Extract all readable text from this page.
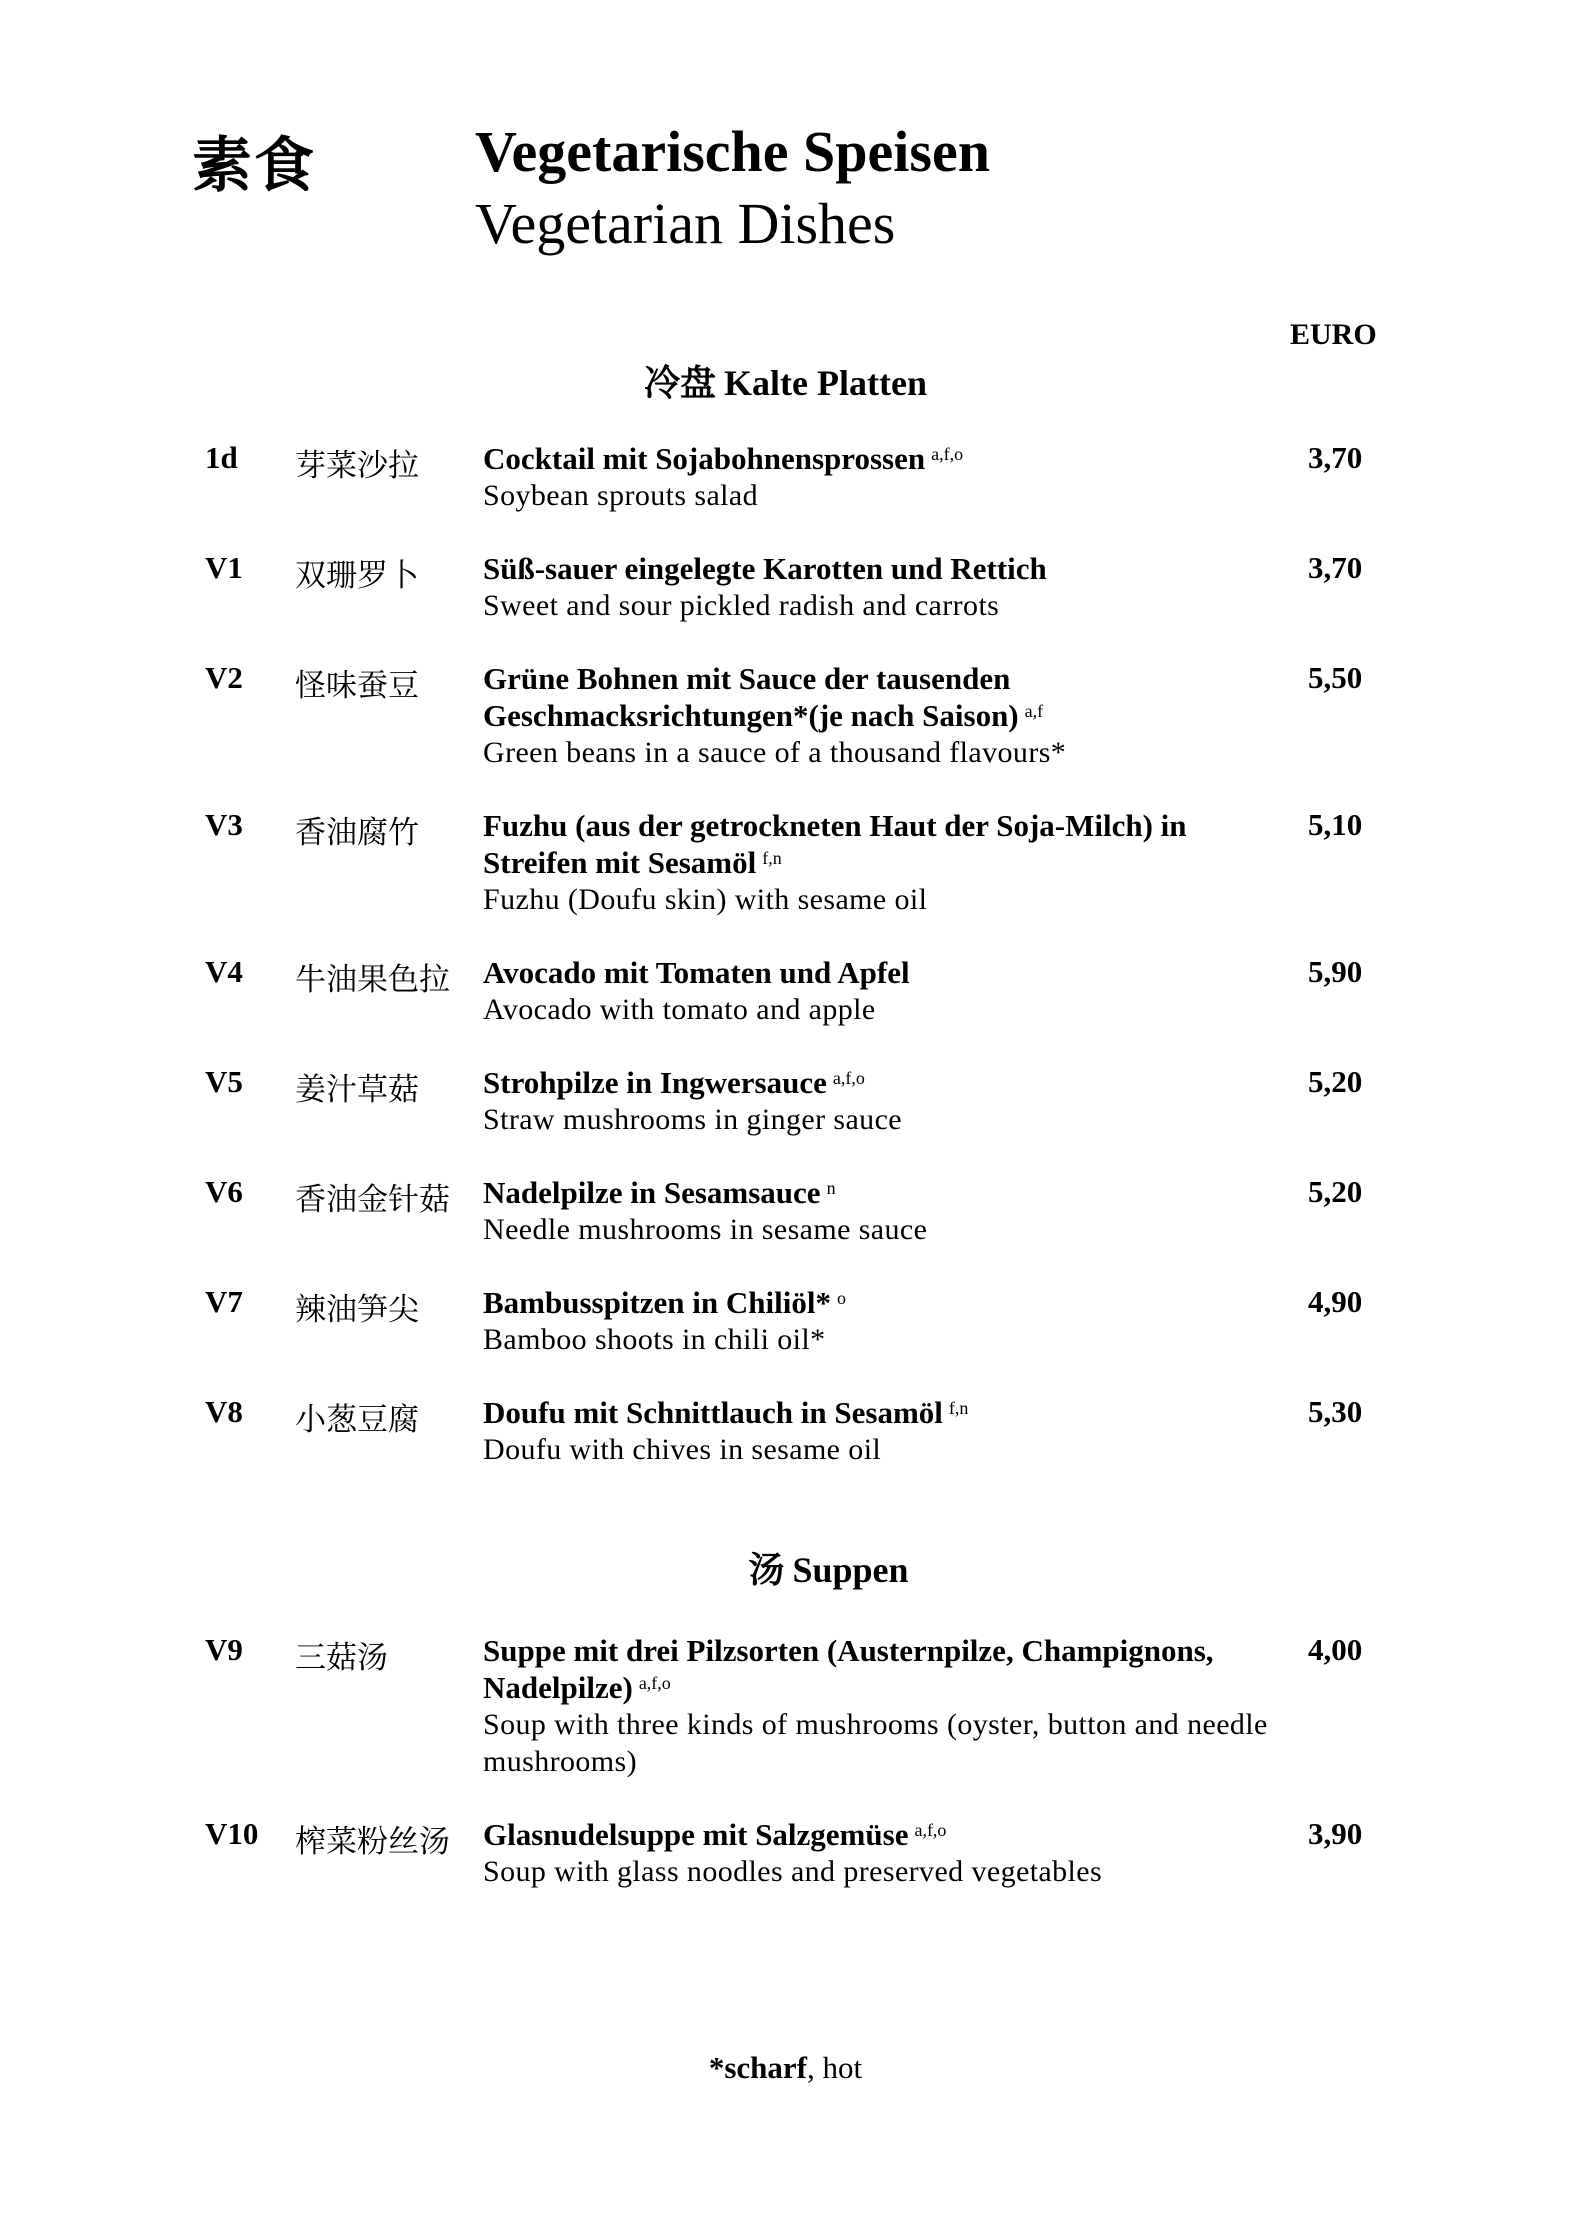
素食	Vegetarische Speisen
Vegetarian Dishes
EURO
冷盘 Kalte Platten
1d 芽菜沙拉 Cocktail mit Sojabohnensprossen $^{a,f,o}$
Soybean sprouts salad
3,70
V1 双珊罗卜 Süß-sauer eingelegte Karotten und Rettich
Sweet and sour pickled radish and carrots
3,70
V2 怪味蚕豆 Grüne Bohnen mit Sauce der tausenden Geschmacksrichtungen*(je nach Saison) $^{a,f}$
Green beans in a sauce of a thousand flavours*
5,50
V3 香油腐竹 Fuzhu (aus der getrockneten Haut der Soja-Milch) in Streifen mit Sesamöl $^{f,n}$
Fuzhu (Doufu skin) with sesame oil
5,10
V4 牛油果色拉 Avocado mit Tomaten und Apfel
Avocado with tomato and apple
5,90
V5 姜汁草菇 Strohpilze in Ingwersauce $^{a,f,o}$
Straw mushrooms in ginger sauce
5,20
V6 香油金针菇 Nadelpilze in Sesamsauce $^n$
Needle mushrooms in sesame sauce
5,20
V7 辣油笋尖 Bambusspitzen in Chiliöl* $^o$
Bamboo shoots in chili oil*
4,90
V8 小葱豆腐 Doufu mit Schnittlauch in Sesamöl $^{f,n}$
Doufu with chives in sesame oil
5,30
汤 Suppen
V9 三菇汤	Suppe mit drei Pilzsorten (Austernpilze, Champignons, Nadelpilze) $^{a,f,o}$
Soup with three kinds of mushrooms (oyster, button and needle mushrooms)
4,00
V10 榨菜粉丝汤 Glasnudelsuppe mit Salzgemüse $^{a,f,o}$
Soup with glass noodles and preserved vegetables
3,90
*scharf, hot
